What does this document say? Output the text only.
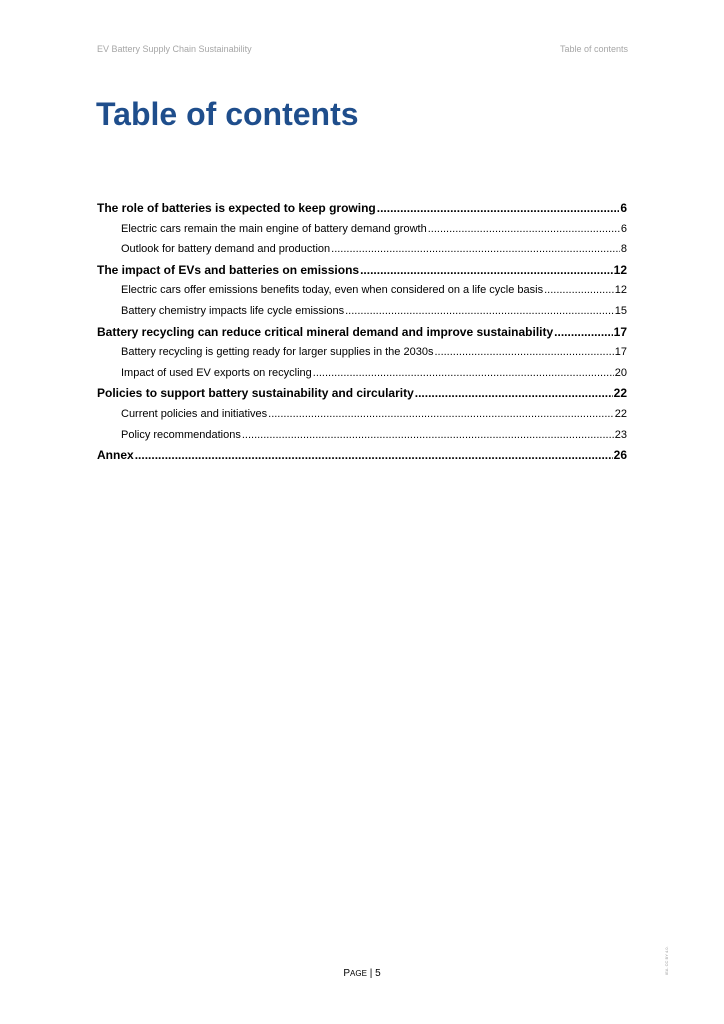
EV Battery Supply Chain Sustainability	Table of contents
Table of contents
The role of batteries is expected to keep growing .....	6
Electric cars remain the main engine of battery demand growth .....	6
Outlook for battery demand and production .....	8
The impact of EVs and batteries on emissions .....	12
Electric cars offer emissions benefits today, even when considered on a life cycle basis .....	12
Battery chemistry impacts life cycle emissions .....	15
Battery recycling can reduce critical mineral demand and improve sustainability .....	17
Battery recycling is getting ready for larger supplies in the 2030s .....	17
Impact of used EV exports on recycling .....	20
Policies to support battery sustainability and circularity .....	22
Current policies and initiatives .....	22
Policy recommendations .....	23
Annex .....	26
PAGE | 5	IEA. CC BY 4.0.
